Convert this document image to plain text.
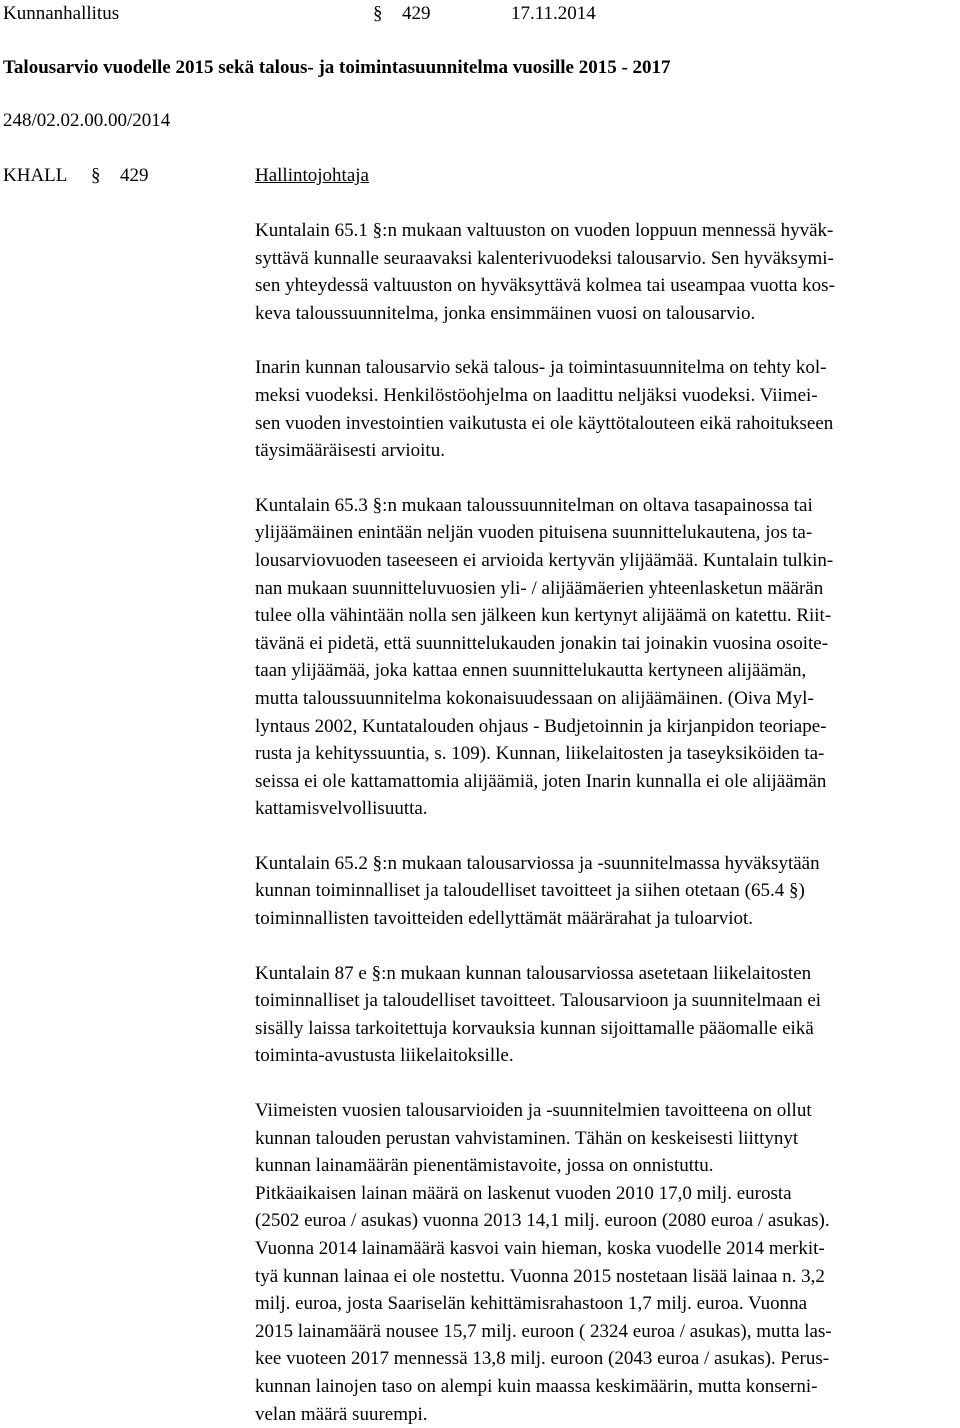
Kunnanhallitus	§ 429	17.11.2014
Talousarvio vuodelle 2015 sekä talous- ja toimintasuunnitelma vuosille 2015 - 2017
248/02.02.00.00/2014
KHALL § 429	Hallintojohtaja
Kuntalain 65.1 §:n mukaan valtuuston on vuoden loppuun mennessä hyväk-
syttävä kunnalle seuraavaksi kalenterivuodeksi talousarvio. Sen hyväksymi-
sen yhteydessä valtuuston on hyväksyttävä kolmea tai useampaa vuotta kos-
keva taloussuunnitelma, jonka ensimmäinen vuosi on talousarvio.
Inarin kunnan talousarvio sekä talous- ja toimintasuunnitelma on tehty kol-
meksi vuodeksi. Henkilöstöohjelma on laadittu neljäksi vuodeksi. Viimei-
sen vuoden investointien vaikutusta ei ole käyttötalouteen eikä rahoitukseen
täysimääräisesti arvioitu.
Kuntalain 65.3 §:n mukaan taloussuunnitelman on oltava tasapainossa tai
ylijäämäinen enintään neljän vuoden pituisena suunnittelukautena, jos ta-
lousarviovuoden taseeseen ei arvioida kertyvän ylijäämää. Kuntalain tulkin-
nan mukaan suunnitteluvuosien yli- / alijäämäerien yhteenlasketun määrän
tulee olla vähintään nolla sen jälkeen kun kertynyt alijäämä on katettu. Riit-
tävänä ei pidetä, että suunnittelukauden jonakin tai joinakin vuosina osoite-
taan ylijäämää, joka kattaa ennen suunnittelukautta kertyneen alijäämän,
mutta taloussuunnitelma kokonaisuudessaan on alijäämäinen. (Oiva Myl-
lyntaus 2002, Kuntatalouden ohjaus - Budjetoinnin ja kirjanpidon teoriape-
rusta ja kehityssuuntia, s. 109). Kunnan, liikelaitosten ja taseyksiköiden ta-
seissa ei ole kattamattomia alijäämiä, joten Inarin kunnalla ei ole alijäämän
kattamisvelvollisuutta.
Kuntalain 65.2 §:n mukaan talousarviossa ja -suunnitelmassa hyväksytään
kunnan toiminnalliset ja taloudelliset tavoitteet ja siihen otetaan (65.4 §)
toiminnallisten tavoitteiden edellyttämät määrärahat ja tuloarviot.
Kuntalain 87 e §:n mukaan kunnan talousarviossa asetetaan liikelaitosten
toiminnalliset ja taloudelliset tavoitteet. Talousarvioon ja suunnitelmaan ei
sisälly laissa tarkoitettuja korvauksia kunnan sijoittamalle pääomalle eikä
toiminta-avustusta liikelaitoksille.
Viimeisten vuosien talousarvioiden ja -suunnitelmien tavoitteena on ollut
kunnan talouden perustan vahvistaminen. Tähän on keskeisesti liittynyt
kunnan lainamäärän pienentämistavoite, jossa on onnistuttu.
Pitkäaikaisen lainan määrä on laskenut vuoden 2010 17,0 milj. eurosta
(2502 euroa / asukas) vuonna 2013 14,1 milj. euroon (2080 euroa / asukas).
Vuonna 2014 lainamäärä kasvoi vain hieman, koska vuodelle 2014 merkit-
tyä kunnan lainaa ei ole nostettu. Vuonna 2015 nostetaan lisää lainaa n. 3,2
milj. euroa, josta Saariselän kehittämisrahastoon 1,7 milj. euroa. Vuonna
2015 lainamäärä nousee 15,7 milj. euroon ( 2324 euroa / asukas), mutta las-
kee vuoteen 2017 mennessä 13,8 milj. euroon (2043 euroa / asukas). Perus-
kunnan lainojen taso on alempi kuin maassa keskimäärin, mutta konserni-
velan määrä suurempi.
